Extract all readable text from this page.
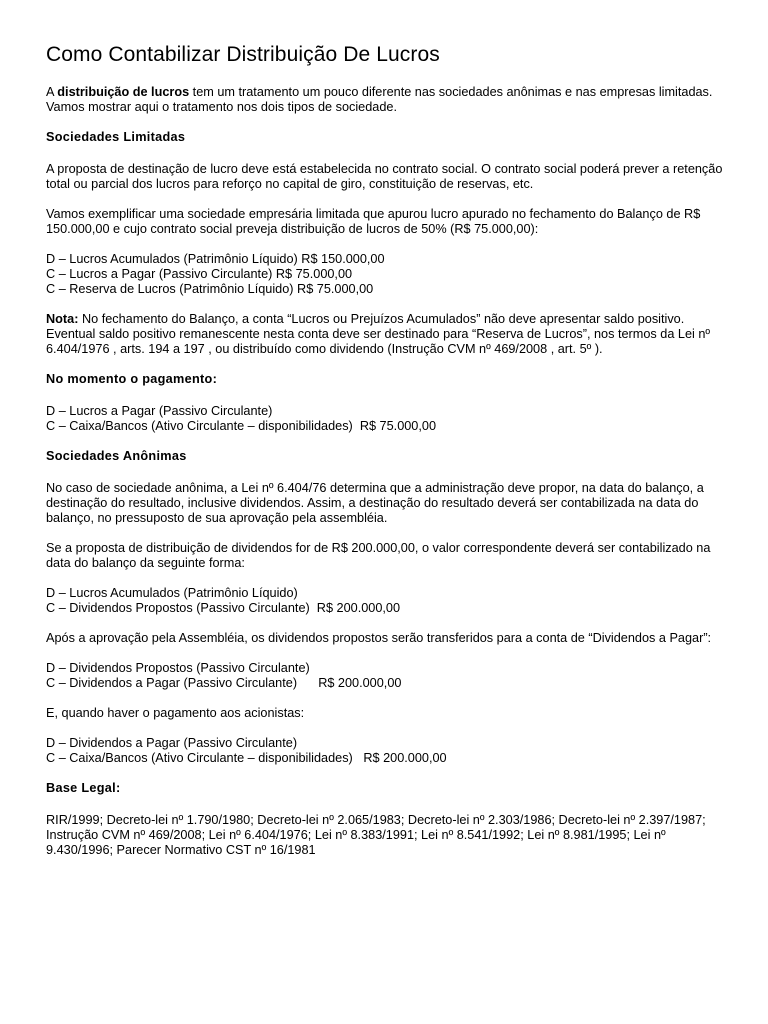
Como Contabilizar Distribuição De Lucros

A distribuição de lucros tem um tratamento um pouco diferente nas sociedades anônimas e nas empresas limitadas. Vamos mostrar aqui o tratamento nos dois tipos de sociedade.

Sociedades Limitadas

A proposta de destinação de lucro deve está estabelecida no contrato social. O contrato social poderá prever a retenção total ou parcial dos lucros para reforço no capital de giro, constituição de reservas, etc.

Vamos exemplificar uma sociedade empresária limitada que apurou lucro apurado no fechamento do Balanço de R$ 150.000,00 e cujo contrato social preveja distribuição de lucros de 50% (R$ 75.000,00):

D – Lucros Acumulados (Patrimônio Líquido) R$ 150.000,00

C – Lucros a Pagar (Passivo Circulante) R$ 75.000,00

C – Reserva de Lucros (Patrimônio Líquido) R$ 75.000,00

Nota: No fechamento do Balanço, a conta “Lucros ou Prejuízos Acumulados” não deve apresentar saldo positivo. Eventual saldo positivo remanescente nesta conta deve ser destinado para “Reserva de Lucros”, nos termos da Lei nº 6.404/1976 , arts. 194 a 197 , ou distribuído como dividendo (Instrução CVM nº 469/2008 , art. 5º ).

No momento o pagamento:

D – Lucros a Pagar (Passivo Circulante)

C – Caixa/Bancos (Ativo Circulante – disponibilidades)  R$ 75.000,00

Sociedades Anônimas

No caso de sociedade anônima, a Lei nº 6.404/76 determina que a administração deve propor, na data do balanço, a destinação do resultado, inclusive dividendos. Assim, a destinação do resultado deverá ser contabilizada na data do balanço, no pressuposto de sua aprovação pela assembléia.

Se a proposta de distribuição de dividendos for de R$ 200.000,00, o valor correspondente deverá ser contabilizado na data do balanço da seguinte forma:

D – Lucros Acumulados (Patrimônio Líquido)

C – Dividendos Propostos (Passivo Circulante)  R$ 200.000,00

Após a aprovação pela Assembléia, os dividendos propostos serão transferidos para a conta de “Dividendos a Pagar”:

D – Dividendos Propostos (Passivo Circulante)

C – Dividendos a Pagar (Passivo Circulante)      R$ 200.000,00

E, quando haver o pagamento aos acionistas:

D – Dividendos a Pagar (Passivo Circulante)

C – Caixa/Bancos (Ativo Circulante – disponibilidades)   R$ 200.000,00

Base Legal:

RIR/1999; Decreto-lei nº 1.790/1980; Decreto-lei nº 2.065/1983; Decreto-lei nº 2.303/1986; Decreto-lei nº 2.397/1987; Instrução CVM nº 469/2008; Lei nº 6.404/1976; Lei nº 8.383/1991; Lei nº 8.541/1992; Lei nº 8.981/1995; Lei nº 9.430/1996; Parecer Normativo CST nº 16/1981
